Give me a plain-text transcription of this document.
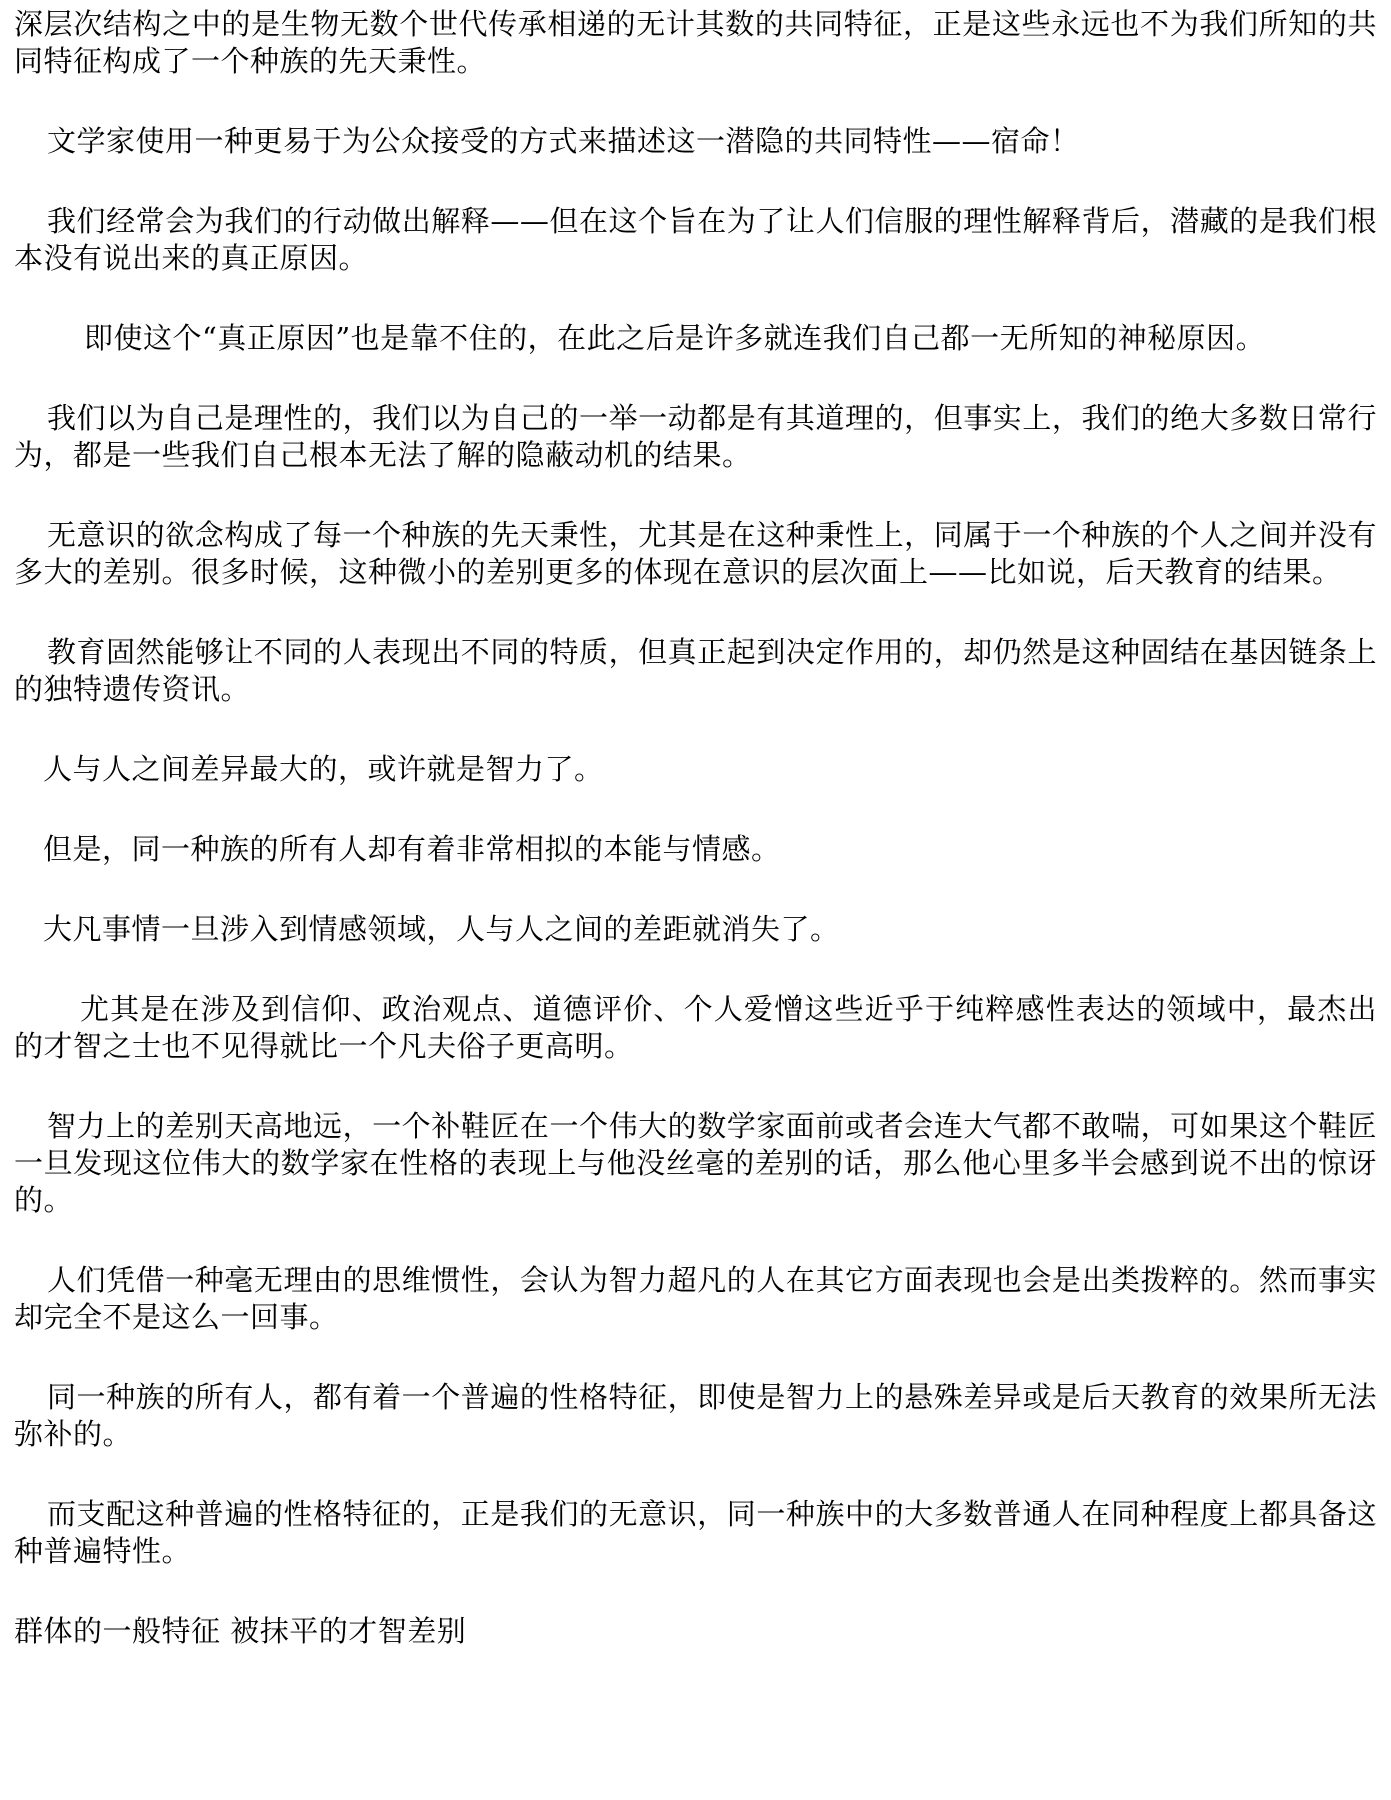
深层次结构之中的是生物无数个世代传承相递的无计其数的共同特征，正是这些永远也不为我们所知的共同特征构成了一个种族的先天秉性。

文学家使用一种更易于为公众接受的方式来描述这一潜隐的共同特性——宿命！

我们经常会为我们的行动做出解释——但在这个旨在为了让人们信服的理性解释背后，潜藏的是我们根本没有说出来的真正原因。

即使这个“真正原因”也是靠不住的，在此之后是许多就连我们自己都一无所知的神秘原因。

我们以为自己是理性的，我们以为自己的一举一动都是有其道理的，但事实上，我们的绝大多数日常行为，都是一些我们自己根本无法了解的隐蔽动机的结果。

无意识的欲念构成了每一个种族的先天秉性，尤其是在这种秉性上，同属于一个种族的个人之间并没有多大的差别。很多时候，这种微小的差别更多的体现在意识的层次面上——比如说，后天教育的结果。

教育固然能够让不同的人表现出不同的特质，但真正起到决定作用的，却仍然是这种固结在基因链条上的独特遗传资讯。

人与人之间差异最大的，或许就是智力了。

但是，同一种族的所有人却有着非常相拟的本能与情感。

大凡事情一旦涉入到情感领域，人与人之间的差距就消失了。

尤其是在涉及到信仰、政治观点、道德评价、个人爱憎这些近乎于纯粹感性表达的领域中，最杰出的才智之士也不见得就比一个凡夫俗子更高明。

智力上的差别天高地远，一个补鞋匠在一个伟大的数学家面前或者会连大气都不敢喘，可如果这个鞋匠一旦发现这位伟大的数学家在性格的表现上与他没丝毫的差别的话，那么他心里多半会感到说不出的惊讶的。

人们凭借一种毫无理由的思维惯性，会认为智力超凡的人在其它方面表现也会是出类拨粹的。然而事实却完全不是这么一回事。

同一种族的所有人，都有着一个普遍的性格特征，即使是智力上的悬殊差异或是后天教育的效果所无法弥补的。

而支配这种普遍的性格特征的，正是我们的无意识，同一种族中的大多数普通人在同种程度上都具备这种普遍特性。

群体的一般特征 被抹平的才智差别
